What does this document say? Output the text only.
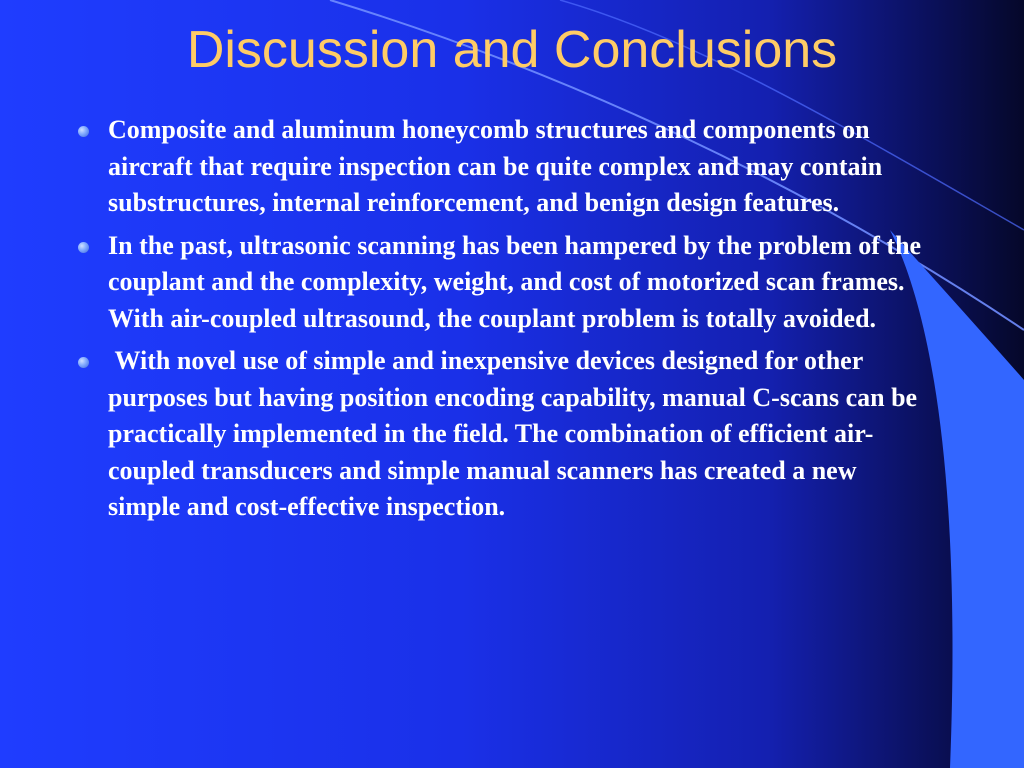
Discussion and Conclusions
Composite and aluminum honeycomb structures and components on aircraft that require inspection can be quite complex and may contain substructures, internal reinforcement, and benign design features.
In the past, ultrasonic scanning has been hampered by the problem of the couplant and the complexity, weight, and cost of motorized scan frames. With air-coupled ultrasound, the couplant problem is totally avoided.
With novel use of simple and inexpensive devices designed for other purposes but having position encoding capability, manual C-scans can be practically implemented in the field. The combination of efficient air-coupled transducers and simple manual scanners has created a new simple and cost-effective inspection.
